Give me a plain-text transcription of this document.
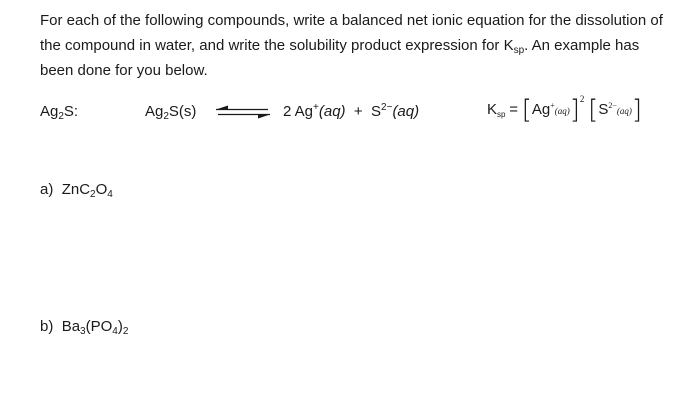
For each of the following compounds, write a balanced net ionic equation for the dissolution of the compound in water, and write the solubility product expression for $K_{sp}$. An example has been done for you below.
$Ag_2S$:	$Ag_2S(s)$ ⇌ 2 $Ag^+(aq) + S^{2-}(aq)$	$K_{sp} = [Ag^+(aq)]^2$ $[S^{2-}(aq)]$
a) $ZnC_2O_4$
b) $Ba_3(PO_4)_2$
